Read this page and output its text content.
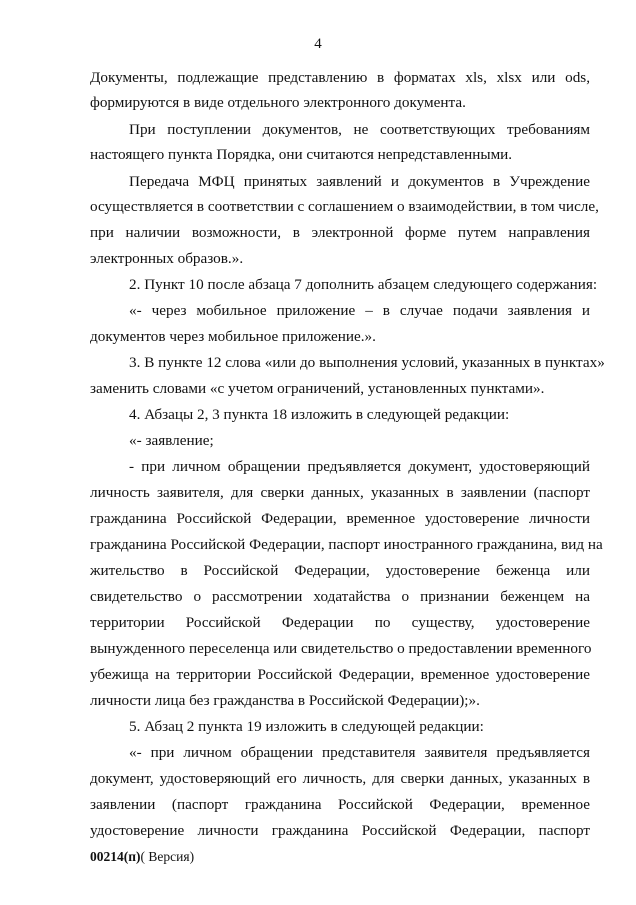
4
Документы, подлежащие представлению в форматах xls, xlsx или ods,
формируются в виде отдельного электронного документа.
При поступлении документов, не соответствующих требованиям
настоящего пункта Порядка, они считаются непредставленными.
Передача МФЦ принятых заявлений и документов в Учреждение
осуществляется в соответствии с соглашением о взаимодействии, в том числе,
при наличии возможности, в электронной форме путем направления
электронных образов.».
2. Пункт 10 после абзаца 7 дополнить абзацем следующего содержания:
«- через мобильное приложение – в случае подачи заявления и
документов через мобильное приложение.».
3. В пункте 12 слова «или до выполнения условий, указанных в пунктах»
заменить словами «с учетом ограничений, установленных пунктами».
4. Абзацы 2, 3 пункта 18 изложить в следующей редакции:
«- заявление;
- при личном обращении предъявляется документ, удостоверяющий
личность заявителя, для сверки данных, указанных в заявлении (паспорт
гражданина Российской Федерации, временное удостоверение личности
гражданина Российской Федерации, паспорт иностранного гражданина, вид на
жительство в Российской Федерации, удостоверение беженца или
свидетельство о рассмотрении ходатайства о признании беженцем на
территории Российской Федерации по существу, удостоверение
вынужденного переселенца или свидетельство о предоставлении временного
убежища на территории Российской Федерации, временное удостоверение
личности лица без гражданства в Российской Федерации);».
5. Абзац 2 пункта 19 изложить в следующей редакции:
«- при личном обращении представителя заявителя предъявляется
документ, удостоверяющий его личность, для сверки данных, указанных в
заявлении (паспорт гражданина Российской Федерации, временное
удостоверение личности гражданина Российской Федерации, паспорт
00214(п)( Версия)
